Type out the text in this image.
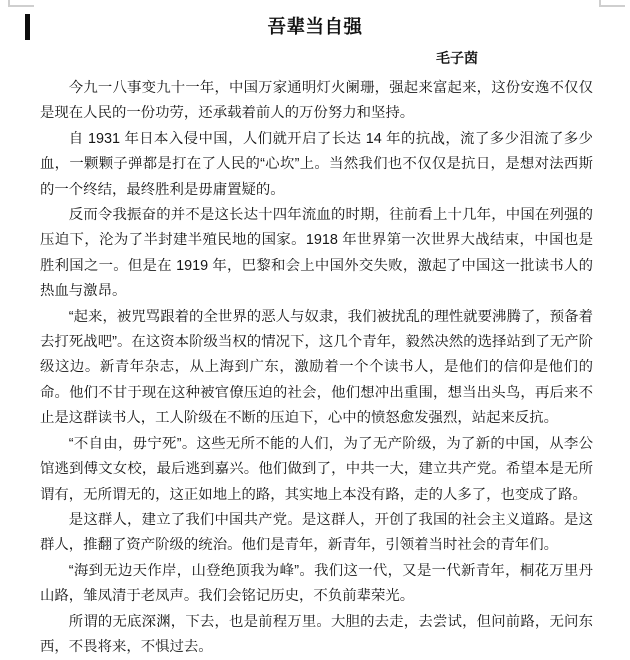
吾辈当自强
毛子茵

今九一八事变九十一年，中国万家通明灯火阑珊，强起来富起来，这份安逸不仅仅是现在人民的一份功劳，还承载着前人的万份努力和坚持。

自 1931 年日本入侵中国，人们就开启了长达 14 年的抗战，流了多少泪流了多少血，一颗颗子弹都是打在了人民的“心坎”上。当然我们也不仅仅是抗日，是想对法西斯的一个终结，最终胜利是毋庸置疑的。

反而令我振奋的并不是这长达十四年流血的时期，往前看上十几年，中国在列强的压迫下，沦为了半封建半殖民地的国家。1918 年世界第一次世界大战结束，中国也是胜利国之一。但是在 1919 年，巴黎和会上中国外交失败，激起了中国这一批读书人的热血与激昂。

“起来，被咒骂跟着的全世界的恶人与奴隶，我们被扰乱的理性就要沸腾了，预备着去打死战吧”。在这资本阶级当权的情况下，这几个青年，毅然决然的选择站到了无产阶级这边。新青年杂志，从上海到广东，激励着一个个读书人，是他们的信仰是他们的命。他们不甘于现在这种被官僚压迫的社会，他们想冲出重围，想当出头鸟，再后来不止是这群读书人，工人阶级在不断的压迫下，心中的愤怒愈发强烈，站起来反抗。

“不自由，毋宁死”。这些无所不能的人们，为了无产阶级，为了新的中国，从李公馆逃到傅文女校，最后逃到嘉兴。他们做到了，中共一大，建立共产党。希望本是无所谓有，无所谓无的，这正如地上的路，其实地上本没有路，走的人多了，也变成了路。

是这群人，建立了我们中国共产党。是这群人，开创了我国的社会主义道路。是这群人，推翻了资产阶级的统治。他们是青年，新青年，引领着当时社会的青年们。

“海到无边天作岸，山登绝顶我为峰”。我们这一代，又是一代新青年，桐花万里丹山路，雏凤清于老凤声。我们会铭记历史，不负前辈荣光。

所谓的无底深渊，下去，也是前程万里。大胆的去走，去尝试，但问前路，无问东西，不畏将来，不惧过去。
